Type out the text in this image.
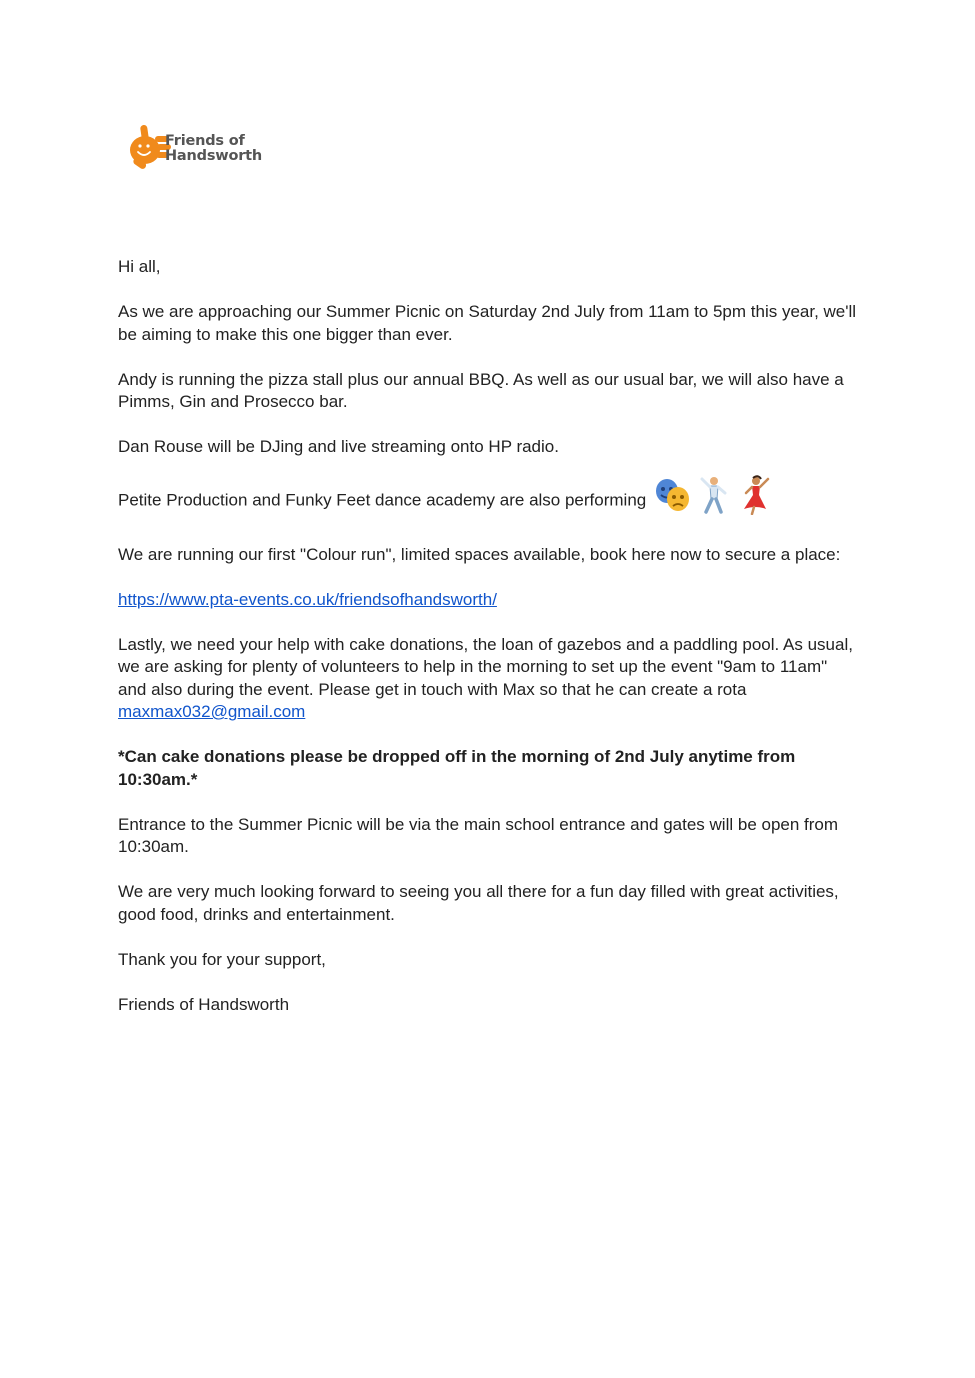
Friends of
Handsworth

Hi all,

As we are approaching our Summer Picnic on Saturday 2nd July from 11am to 5pm this year, we'll be aiming to make this one bigger than ever.

Andy is running the pizza stall plus our annual BBQ. As well as our usual bar, we will also have a Pimms, Gin and Prosecco bar.

Dan Rouse will be DJing and live streaming onto HP radio.

Petite Production and Funky Feet dance academy are also performing

We are running our first "Colour run", limited spaces available, book here now to secure a place:

https://www.pta-events.co.uk/friendsofhandsworth/

Lastly, we need your help with cake donations, the loan of gazebos and a paddling pool. As usual, we are asking for plenty of volunteers to help in the morning to set up the event "9am to 11am" and also during the event. Please get in touch with Max so that he can create a rota maxmax032@gmail.com

*Can cake donations please be dropped off in the morning of 2nd July anytime from 10:30am.*

Entrance to the Summer Picnic will be via the main school entrance and gates will be open from 10:30am.

We are very much looking forward to seeing you all there for a fun day filled with great activities, good food, drinks and entertainment.

Thank you for your support,

Friends of Handsworth
